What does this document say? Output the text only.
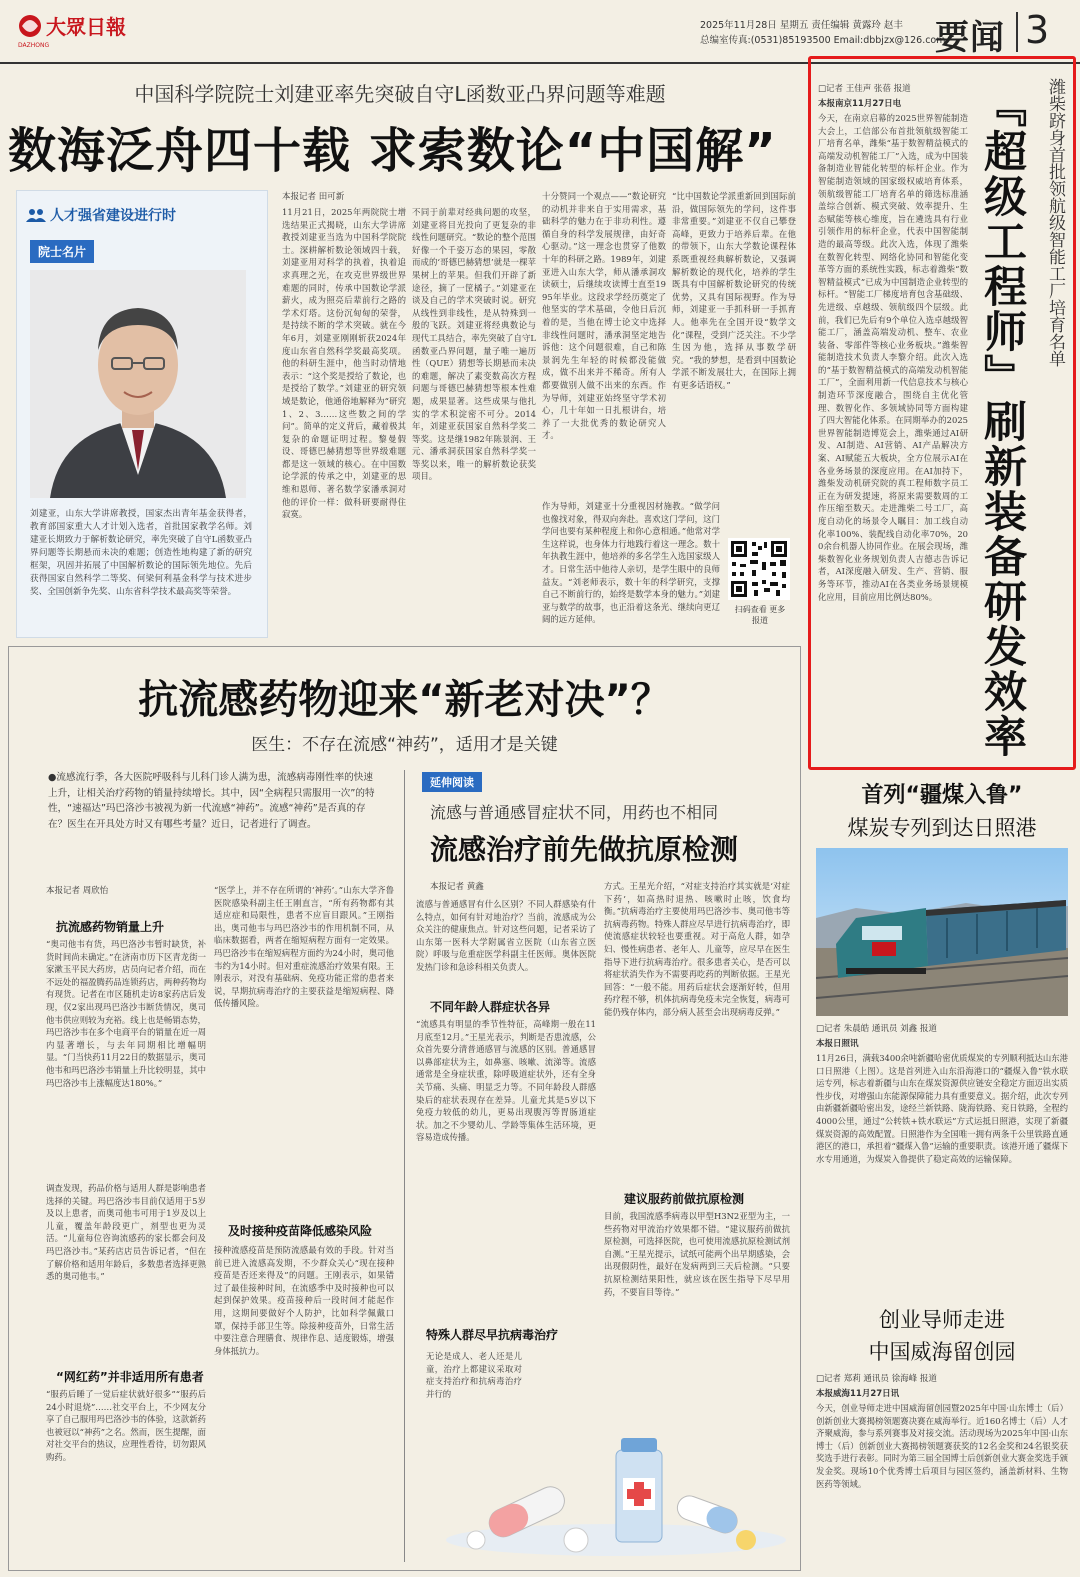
大眾日報
DAZHONG
2025年11月28日 星期五 责任编辑 黄露玲 赵丰
总编室传真:(0531)85193500 Email:dbbjzx@126.com
要闻 3
中国科学院院士刘建亚率先突破自守L函数亚凸界问题等难题
数海泛舟四十载 求索数论“中国解”
人才强省建设进行时
院士名片
刘建亚，山东大学讲席教授，国家杰出青年基金获得者，教育部国家重大人才计划入选者，首批国家教学名师。刘建亚长期致力于解析数论研究，率先突破了自守L函数亚凸界问题等长期悬而未决的难题；创造性地构建了新的研究框架，巩固并拓展了中国解析数论的国际领先地位。先后获得国家自然科学二等奖、何梁何利基金科学与技术进步奖、全国创新争先奖、山东省科学技术最高奖等荣誉。
本报记者 田可新
11月21日，2025年两院院士增选结果正式揭晓，山东大学讲席教授刘建亚当选为中国科学院院士。深耕解析数论领域四十载，刘建亚用对科学的执着，执着追求真理之光，在攻克世界级世界难题的同时，传承中国数论学派薪火，成为照亮后辈前行之路的学术灯塔。这份沉甸甸的荣誉，是持续不断的学术突破。就在今年6月，刘建亚刚刚斩获2024年度山东省自然科学奖最高奖项。他的科研生涯中，他当时动情地表示：“这个奖是授给了数论，也是授给了数学。”刘建亚的研究领域是数论，他通俗地解释为“研究1、2、3……这些数之间的学问”。简单的定义背后，藏着极其复杂的命题证明过程。黎曼假设、哥德巴赫猜想等世界级难题都是这一领域的核心。在中国数论学派的传承之中，刘建亚的思维和恩师、著名数学家潘承洞对他的评价一样：做科研要耐得住寂寞。
不同于前辈对经典问题的攻坚，刘建亚将目光投向了更复杂的非线性问题研究。“数论的整个范围好像一个千姿万态的果园，零散而成的‘哥德巴赫猜想’就是一棵苹果树上的苹果。但我们开辟了新途径，摘了一筐橘子。”刘建亚在谈及自己的学术突破时说。研究从线性到非线性，是从特殊到一般的飞跃。刘建亚将经典数论与现代工具结合，率先突破了自守L函数亚凸界问题，量子唯一遍历性（QUE）猜想等长期悬而未决的难题，解决了素变数高次方程问题与哥德巴赫猜想等根本性难题，成果显著。这些成果与他扎实的学术积淀密不可分。2014年，刘建亚获国家自然科学奖二等奖。这是继1982年陈景润、王元、潘承洞获国家自然科学奖一等奖以来，唯一的解析数论获奖项目。
十分赞同一个观点——“数论研究的动机并非来自于实用需求，基础科学的魅力在于非功利性。遵循自身的科学发展规律，由好奇心驱动。”这一理念也贯穿了他数十年的科研之路。1989年，刘建亚进入山东大学，师从潘承洞攻读硕士，后继续攻读博士直至1995年毕业。这段求学经历奠定了他坚实的学术基础，令他日后沉着的是，当他在博士论文中选择非线性问题时，潘承洞坚定地告诉他：这个问题很难，自己和陈景润先生年轻的时候都没能做成，做不出来并不稀奇。所有人都要做别人做不出来的东西。作为导师，刘建亚始终坚守学术初心，几十年如一日扎根讲台，培养了一大批优秀的数论研究人才。
“比中国数论学派重新回到国际前沿，做国际领先的学问，这件事非常重要。”刘建亚不仅自己攀登高峰，更致力于培养后辈。在他的带领下，山东大学数论课程体系既重视经典解析数论，又强调解析数论的现代化，培养的学生既具有中国解析数论研究的传统优势，又具有国际视野。作为导师，刘建亚一手抓科研一手抓育人。他率先在全国开设“数学文化”课程，受到广泛关注。不少学生因为他，选择从事数学研究。“我的梦想，是看到中国数论学派不断发展壮大，在国际上拥有更多话语权。”
作为导师，刘建亚十分重视因材施教。“做学问也像找对象，得双向奔赴。喜欢这门学问，这门学问也要有某种程度上和你心意相通。”他常对学生这样说，也身体力行地践行着这一理念。数十年执教生涯中，他培养的多名学生入选国家级人才。日常生活中他待人亲切，是学生眼中的良师益友。“刘老师表示，数十年的科学研究，支撑自己不断前行的，始终是数学本身的魅力。”刘建亚与数学的故事，也正沿着这条光、继续向更辽阔的远方延伸。
扫码查看 更多报道
抗流感药物迎来“新老对决”？
医生：不存在流感“神药”，适用才是关键
●流感流行季，各大医院呼吸科与儿科门诊人满为患，流感病毒刚性率的快速上升，让相关治疗药物的销量持续增长。其中，因“全病程只需服用一次”的特性，“速福达”玛巴洛沙韦被视为新一代流感“神药”。流感“神药”是否真的存在？医生在开具处方时又有哪些考量？近日，记者进行了调查。
本报记者 周欣怡
抗流感药物销量上升
“奥司他韦有货，玛巴洛沙韦暂时缺货，补货时间尚未确定。”在济南市历下区青龙街一家漱玉平民大药房，店员向记者介绍，而在不远处的福盈腾药品连锁药店，两种药物均有现货。记者在市区随机走访8家药店后发现，仅2家出现玛巴洛沙韦断货情况，奥司他韦供应则较为充裕。线上也是畅销态势，玛巴洛沙韦在多个电商平台的销量在近一周内显著增长，与去年同期相比增幅明显。“门当快药11月22日的数据显示，奥司他韦和玛巴洛沙韦销量上升比较明显，其中玛巴洛沙韦上涨幅度达180%。”
调查发现，药品价格与适用人群是影响患者选择的关键。玛巴洛沙韦目前仅适用于5岁及以上患者，而奥司他韦可用于1岁及以上儿童，覆盖年龄段更广，剂型也更为灵活。“儿童每位咨询流感药的家长都会问及玛巴洛沙韦。”某药店店员告诉记者，“但在了解价格和适用年龄后，多数患者选择更熟悉的奥司他韦。”
“网红药”并非适用所有患者
“服药后睡了一觉后症状就好很多”“服药后24小时退烧”……社交平台上，不少网友分享了自己服用玛巴洛沙韦的体验，这款新药也被冠以“神药”之名。然而，医生提醒，面对社交平台的热议，应理性看待，切勿跟风购药。
“医学上，并不存在所谓的‘神药’。”山东大学齐鲁医院感染科副主任王刚直言，“所有药物都有其适应症和局限性，患者不应盲目跟风。”王刚指出，奥司他韦与玛巴洛沙韦的作用机制不同，从临床数据看，两者在缩短病程方面有一定效果。玛巴洛沙韦在缩短病程方面约为24小时，奥司他韦约为14小时。但对重症流感治疗效果有限。王刚表示，对没有基础病、免疫功能正常的患者来说，早期抗病毒治疗的主要获益是缩短病程、降低传播风险。
及时接种疫苗降低感染风险
接种流感疫苗是预防流感最有效的手段。针对当前已进入流感高发期，不少群众关心“现在接种疫苗是否还来得及”的问题。王刚表示，如果错过了最佳接种时间，在流感季中及时接种也可以起到保护效果。疫苗接种后一段时间才能起作用，这期间要做好个人防护，比如科学佩戴口罩，保持手部卫生等。除接种疫苗外，日常生活中要注意合理膳食、规律作息、适度锻炼，增强身体抵抗力。
延伸阅读
流感与普通感冒症状不同，用药也不相同
流感治疗前先做抗原检测
本报记者 黄鑫
流感与普通感冒有什么区别？不同人群感染有什么特点，如何有针对地治疗？当前，流感成为公众关注的健康焦点。针对这些问题，记者采访了山东第一医科大学附属省立医院（山东省立医院）呼吸与危重症医学科副主任医师。奥体医院发热门诊和急诊科相关负责人。
不同年龄人群症状各异
“流感具有明显的季节性特征，高峰期一般在11月底至12月。”王星光表示，判断是否患流感，公众首先要分清普通感冒与流感的区别。普通感冒以鼻部症状为主，如鼻塞、咳嗽、流涕等。流感通常是全身症状重，除呼吸道症状外，还有全身关节痛、头痛、明显乏力等。不同年龄段人群感染后的症状表现存在差异。儿童尤其是5岁以下免疫力较低的幼儿，更易出现腹泻等胃肠道症状。加之不少婴幼儿、学龄等集体生活环境，更容易造成传播。
特殊人群尽早抗病毒治疗
无论是成人、老人还是儿童，治疗上都建议采取对症支持治疗和抗病毒治疗并行的
方式。王星光介绍，“对症支持治疗其实就是‘对症下药’，如高热时退热、咳嗽时止咳，饮食均衡。”抗病毒治疗主要使用玛巴洛沙韦、奥司他韦等抗病毒药物。特殊人群应尽早进行抗病毒治疗，即使流感症状较轻也要重视。对于高危人群，如孕妇、慢性病患者、老年人、儿童等，应尽早在医生指导下进行抗病毒治疗。很多患者关心，是否可以将症状消失作为不需要再吃药的判断依据。王星光回答：“一般不能。用药后症状会逐渐好转，但用药疗程不够，机体抗病毒免疫未完全恢复，病毒可能仍残存体内，部分病人甚至会出现病毒反弹。”
建议服药前做抗原检测
目前，我国流感季病毒以甲型H3N2亚型为主，一些药物对甲流治疗效果都不错。“建议服药前做抗原检测，可选择医院，也可使用流感抗原检测试剂自测。”王星光提示，试纸可能两个出早期感染，会出现假阴性，最好在发病两到三天后检测。“只要抗原检测结果阳性，就应该在医生指导下尽早用药，不要盲目等待。”
潍柴跻身首批领航级智能工厂培育名单
『超级工程师』刷新装备研发效率
□记者 王佳声 张蓓 报道
本报南京11月27日电
今天，在南京启幕的2025世界智能制造大会上，工信部公布首批领航级智能工厂培育名单，潍柴“基于数智精益模式的高端发动机智能工厂”入选，成为中国装备制造业智能化转型的标杆企业。作为智能制造领域的国家级权威培育体系，领航级智能工厂培育名单的筛选标准涵盖综合创新、模式突破、效率提升、生态赋能等核心维度，旨在遴选具有行业引领作用的标杆企业，代表中国智能制造的最高等级。此次入选，体现了潍柴在数智化转型、网络化协同和智能化变革等方面的系统性实践，标志着潍柴“数智精益模式”已成为中国制造企业转型的标杆。“智能工厂梯度培育包含基础级、先进级、卓越级、领航级四个层级。此前，我们已先后有9个单位入选卓越级智能工厂，涵盖高端发动机、整车、农业装备、零部件等核心业务板块。”潍柴智能制造技术负责人李黎介绍。此次入选的“基于数智精益模式的高端发动机智能工厂”，全面利用新一代信息技术与核心制造环节深度融合，围绕自主优化管理、数智化作、多领域协同等方面构建了四大智能化体系。在同期举办的2025世界智能制造博览会上，潍柴通过AI研发、AI制造、AI营销、AI产品解决方案、AI赋能五大板块，全方位展示AI在各业务场景的深度应用。在AI加持下，潍柴发动机研究院的真工程师数字员工正在为研发提速，将原来需要数周的工作压缩至数天。走进潍柴二号工厂，高度自动化的场景令人瞩目：加工线自动化率100%、装配线自动化率70%，200余台机器人协同作业。在展会现场，潍柴数智化业务规划负责人吉德志告诉记者，AI深度融入研发、生产、营销、服务等环节，推动AI在各类业务场景规模化应用，目前应用比例达80%。
首列“疆煤入鲁”
煤炭专列到达日照港
□记者 朱晨皓 通讯员 刘鑫 报道
本报日照讯
11月26日，满载3400余吨新疆哈密优质煤炭的专列顺利抵达山东港口日照港（上图）。这是首列进入山东沿海港口的“疆煤入鲁”铁水联运专列，标志着新疆与山东在煤炭资源供应链安全稳定方面迈出实质性步伐，对增强山东能源保障能力具有重要意义。据介绍，此次专列由新疆新疆哈密出发，途经兰新铁路、陇海铁路、兖日铁路，全程约4000公里，通过“公转铁+铁水联运”方式运抵日照港，实现了新疆煤炭资源的高效配置。日照港作为全国唯一拥有两条千公里铁路直通港区的港口，承担着“疆煤入鲁”运输的重要职责。该港开通了疆煤下水专用通道，为煤炭入鲁提供了稳定高效的运输保障。
创业导师走进
中国威海留创园
□记者 郑莉 通讯员 徐海峰 报道
本报威海11月27日讯
今天，创业导师走进中国威海留创园暨2025年中国·山东博士（后）创新创业大赛揭榜领题赛决赛在威海举行。近160名博士（后）人才齐聚威海，参与系列赛事及对接交流。活动现场为2025年中国·山东博士（后）创新创业大赛揭榜领题赛获奖的12名金奖和24名银奖获奖选手进行表彰。同时为第三届全国博士后创新创业大赛金奖选手颁发金奖。现场10个优秀博士后项目与园区签约，涵盖新材料、生物医药等领域。
